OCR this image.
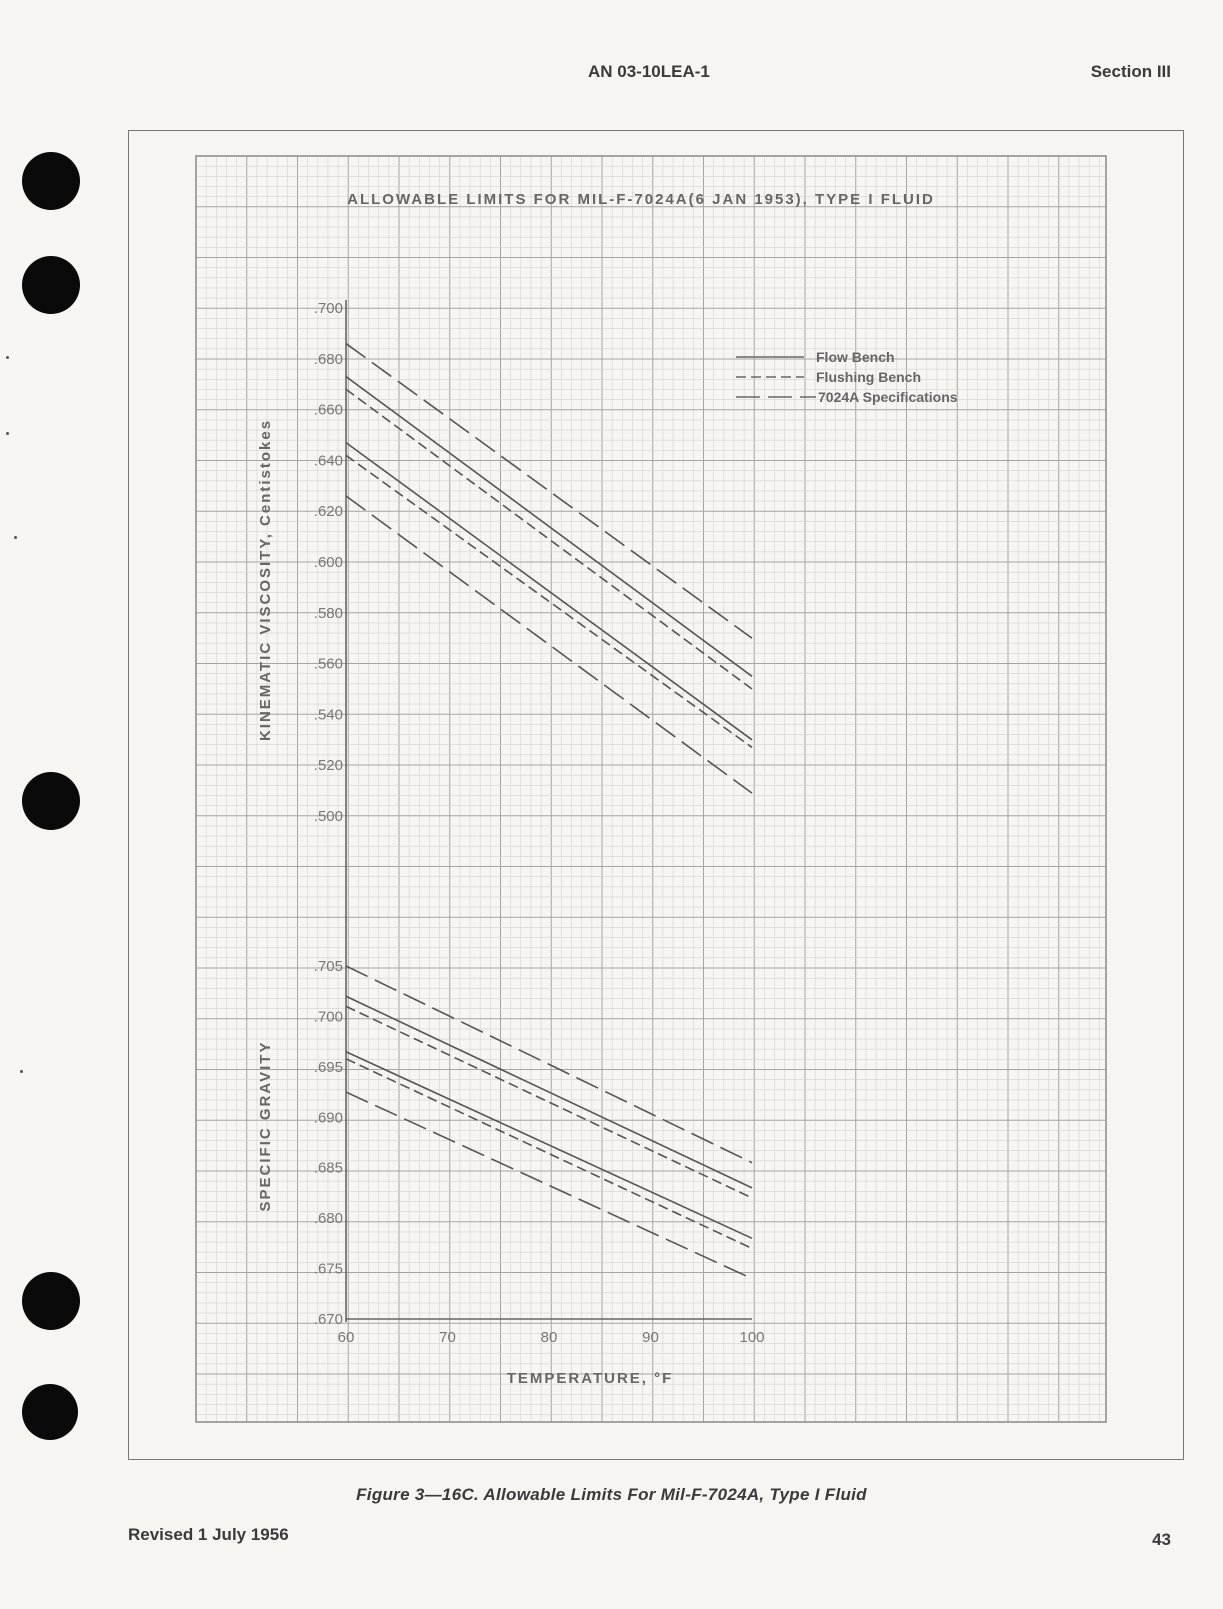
AN 03-10LEA-1	Section III
ALLOWABLE LIMITS FOR MIL-F-7024A(6 JAN 1953), TYPE I FLUID
.700
.680
.660
.640
.620
.600
.580
.560
.540
.520
.500
.705
.700
.695
.690
.685
.680
.675
.670
60	70	80	90	100
KINEMATIC VISCOSITY, Centistokes
SPECIFIC GRAVITY
TEMPERATURE, °F
Flow Bench
Flushing Bench
7024A Specifications
Figure 3—16C. Allowable Limits For Mil-F-7024A, Type I Fluid
Revised 1 July 1956	43
